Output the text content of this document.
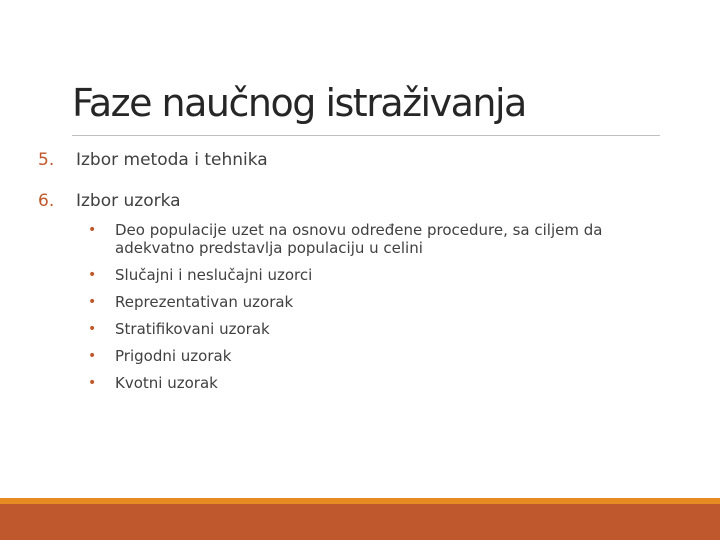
Faze naučnog istraživanja
5. Izbor metoda i tehnika
6. Izbor uzorka
• Deo populacije uzet na osnovu određene procedure, sa ciljem da
adekvatno predstavlja populaciju u celini
• Slučajni i neslučajni uzorci
• Reprezentativan uzorak
• Stratifikovani uzorak
• Prigodni uzorak
• Kvotni uzorak
